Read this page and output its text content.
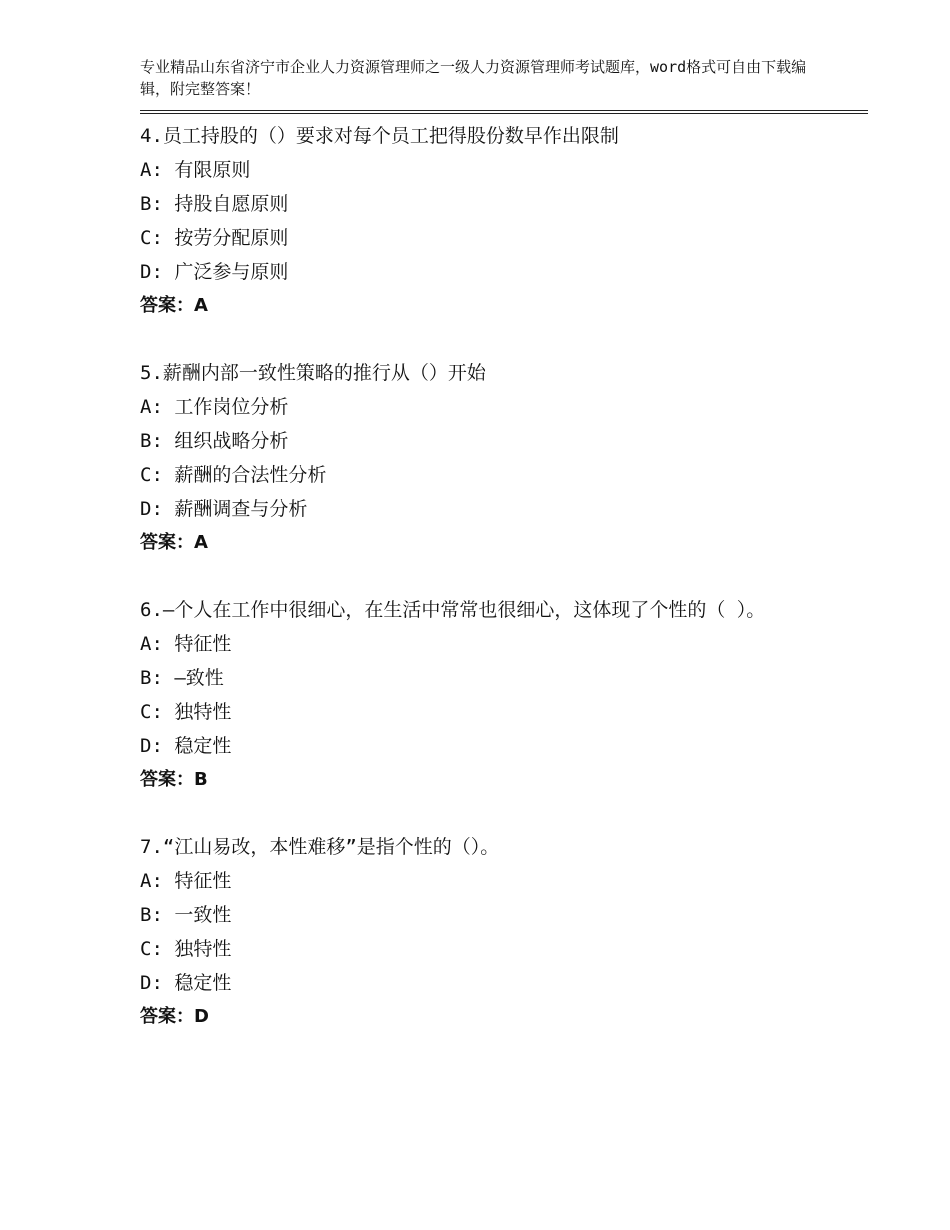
专业精品山东省济宁市企业人力资源管理师之一级人力资源管理师考试题库，word格式可自由下载编辑，附完整答案！

4.员工持股的（）要求对每个员工把得股份数早作出限制

A: 有限原则

B: 持股自愿原则

C: 按劳分配原则

D: 广泛参与原则

答案：A

5.薪酬内部一致性策略的推行从（）开始

A: 工作岗位分析

B: 组织战略分析

C: 薪酬的合法性分析

D: 薪酬调查与分析

答案：A

6.—个人在工作中很细心，在生活中常常也很细心，这体现了个性的（ ）。

A: 特征性

B: —致性

C: 独特性

D: 稳定性

答案：B

7.“江山易改，本性难移”是指个性的（）。

A: 特征性

B: 一致性

C: 独特性

D: 稳定性

答案：D
